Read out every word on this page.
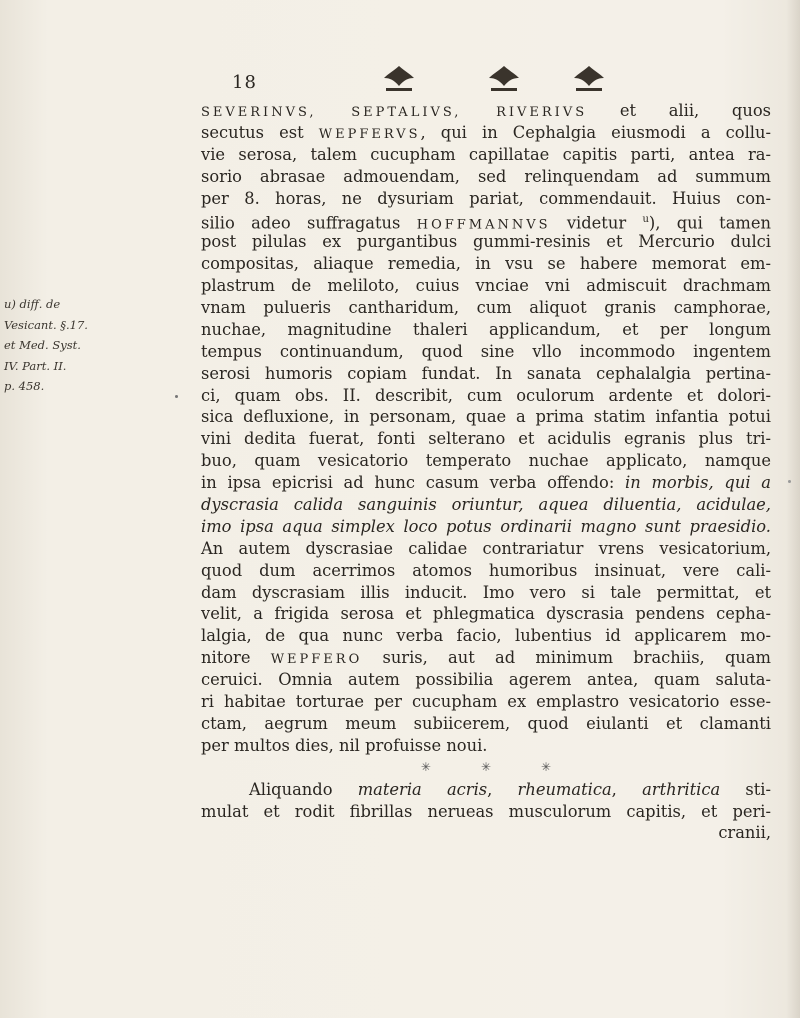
18
u) diff. de
Vesicant. §.17.
et Med. Syst.
IV. Part. II.
p. 458.
SEVERINVS, SEPTALIVS, RIVERIVS et alii, quos
secutus est WEPFERVS, qui in Cephalgia eiusmodi a collu-
vie serosa, talem cucupham capillatae capitis parti, antea ra-
sorio abrasae admouendam, sed relinquendam ad summum
per 8. horas, ne dysuriam pariat, commendauit. Huius con-
silio adeo suffragatus HOFFMANNVS videtur $^u$), qui tamen
post pilulas ex purgantibus gummi-resinis et Mercurio dulci
compositas, aliaque remedia, in vsu se habere memorat em-
plastrum de meliloto, cuius vnciae vni admiscuit drachmam
vnam pulueris cantharidum, cum aliquot granis camphorae,
nuchae, magnitudine thaleri applicandum, et per longum
tempus continuandum, quod sine vllo incommodo ingentem
serosi humoris copiam fundat. In sanata cephalalgia pertina-
ci, quam obs. II. describit, cum oculorum ardente et dolori-
sica defluxione, in personam, quae a prima statim infantia potui
vini dedita fuerat, fonti selterano et acidulis egranis plus tri-
buo, quam vesicatorio temperato nuchae applicato, namque
in ipsa epicrisi ad hunc casum verba offendo: in morbis, qui a
dyscrasia calida sanguinis oriuntur, aquea diluentia, acidulae,
imo ipsa aqua simplex loco potus ordinarii magno sunt praesidio.
An autem dyscrasiae calidae contrariatur vrens vesicatorium,
quod dum acerrimos atomos humoribus insinuat, vere cali-
dam dyscrasiam illis inducit. Imo vero si tale permittat, et
velit, a frigida serosa et phlegmatica dyscrasia pendens cepha-
lalgia, de qua nunc verba facio, lubentius id applicarem mo-
nitore WEPFERO suris, aut ad minimum brachiis, quam
ceruici. Omnia autem possibilia agerem antea, quam saluta-
ri habitae torturae per cucupham ex emplastro vesicatorio esse-
ctam, aegrum meum subiicerem, quod eiulanti et clamanti
per multos dies, nil profuisse noui.
✳	✳	✳
Aliquando materia acris, rheumatica, arthritica sti-
mulat et rodit fibrillas nerueas musculorum capitis, et peri-
cranii,
